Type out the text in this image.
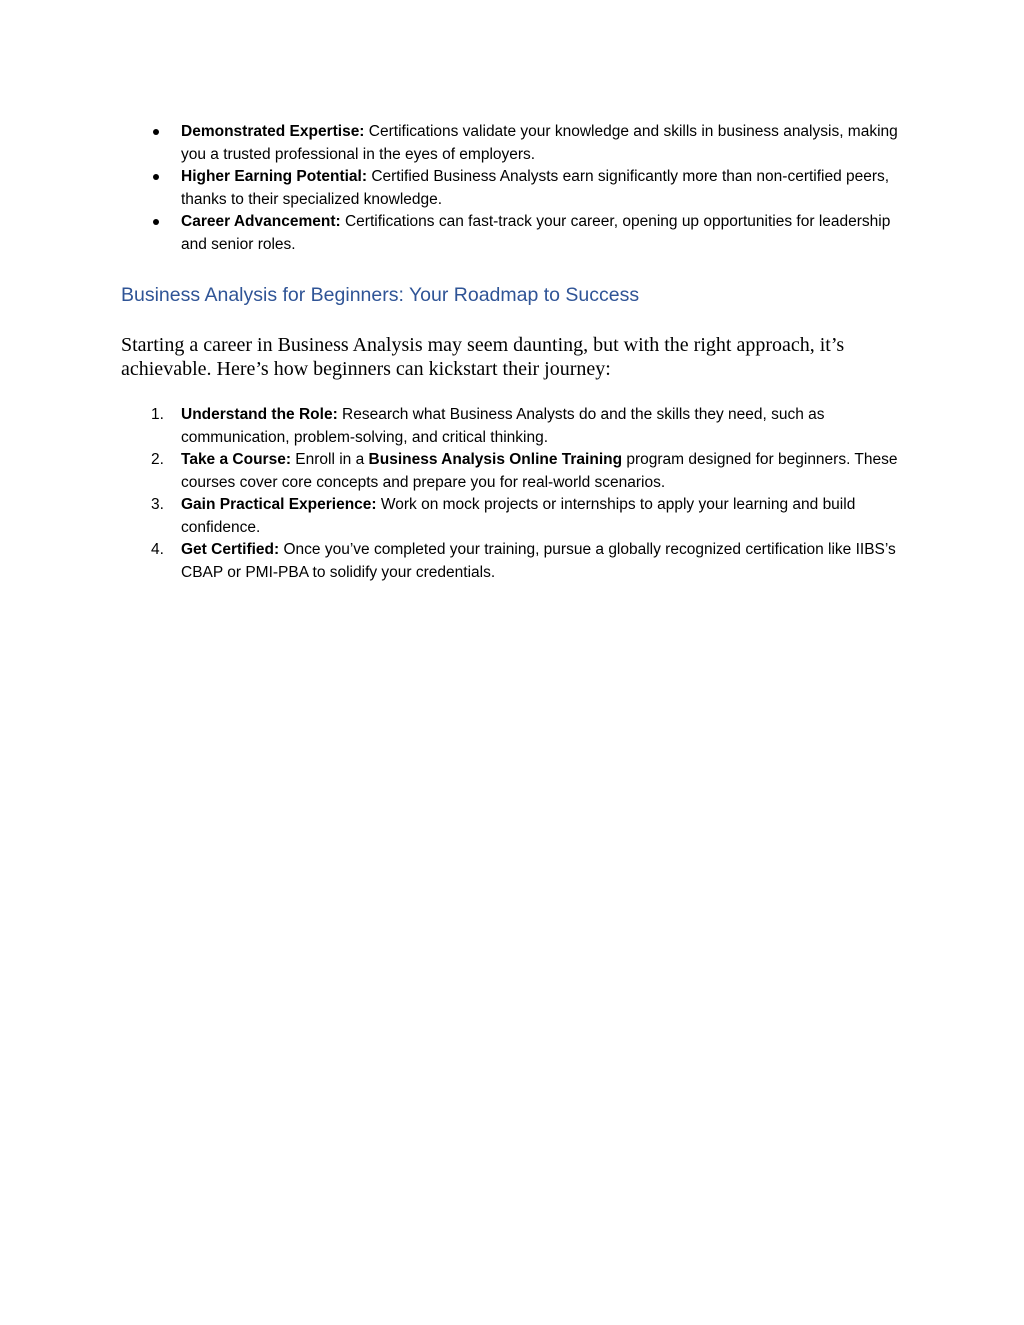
Demonstrated Expertise: Certifications validate your knowledge and skills in business analysis, making you a trusted professional in the eyes of employers.
Higher Earning Potential: Certified Business Analysts earn significantly more than non-certified peers, thanks to their specialized knowledge.
Career Advancement: Certifications can fast-track your career, opening up opportunities for leadership and senior roles.
Business Analysis for Beginners: Your Roadmap to Success

Starting a career in Business Analysis may seem daunting, but with the right approach, it’s achievable. Here’s how beginners can kickstart their journey:

1. Understand the Role: Research what Business Analysts do and the skills they need, such as communication, problem-solving, and critical thinking.
2. Take a Course: Enroll in a Business Analysis Online Training program designed for beginners. These courses cover core concepts and prepare you for real-world scenarios.
3. Gain Practical Experience: Work on mock projects or internships to apply your learning and build confidence.
4. Get Certified: Once you’ve completed your training, pursue a globally recognized certification like IIBS’s CBAP or PMI-PBA to solidify your credentials.
